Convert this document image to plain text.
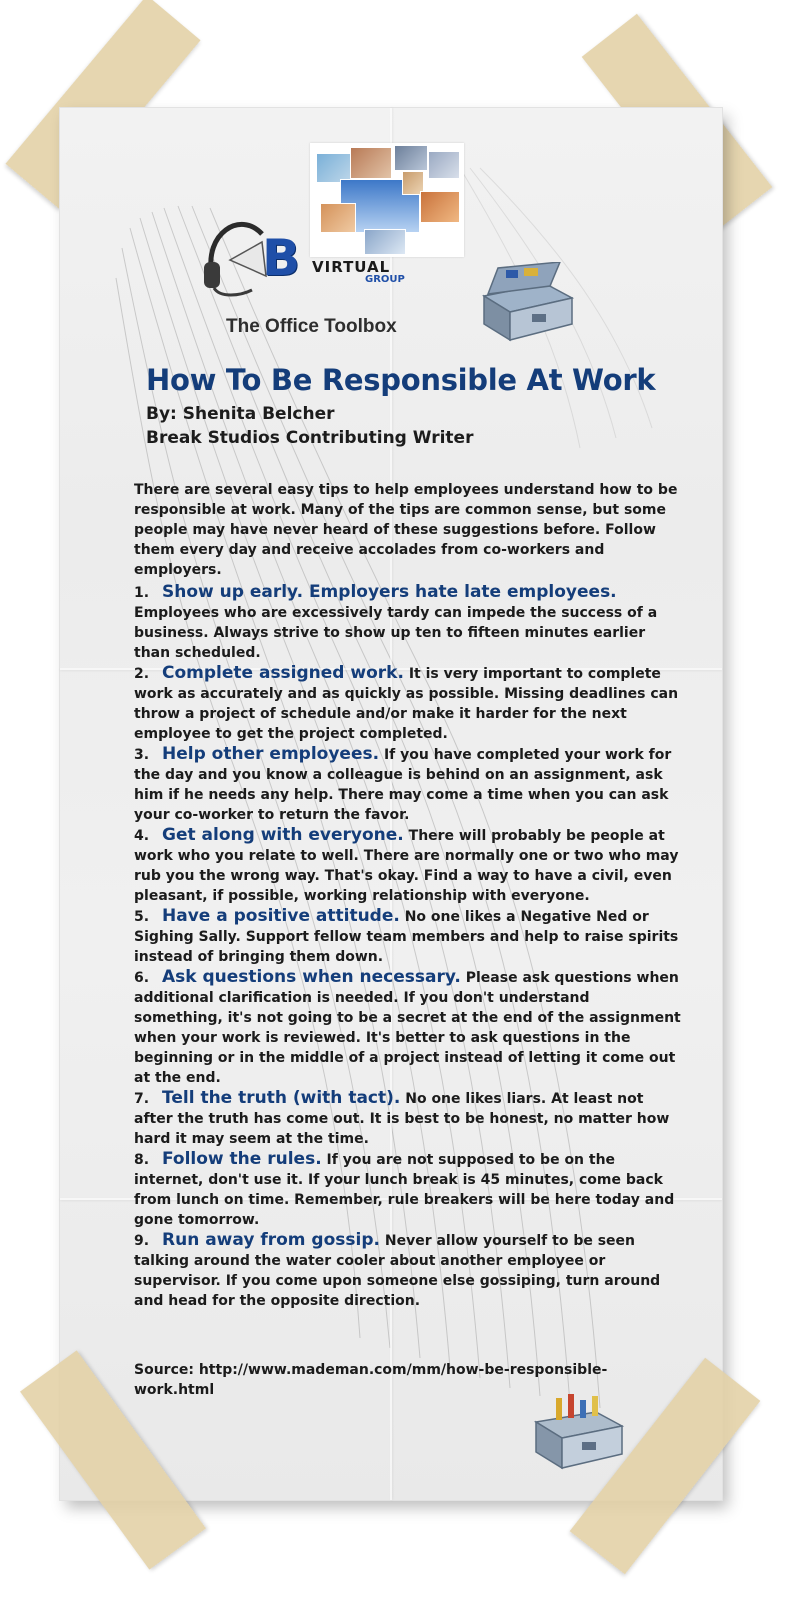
B VIRTUAL
GROUP
The Office Toolbox
How To Be Responsible At Work
By: Shenita Belcher
Break Studios Contributing Writer

There are several easy tips to help employees understand how to be responsible at work. Many of the tips are common sense, but some people may have never heard of these suggestions before. Follow them every day and receive accolades from co-workers and employers.

1. Show up early. Employers hate late employees. Employees who are excessively tardy can impede the success of a business. Always strive to show up ten to fifteen minutes earlier than scheduled.

2. Complete assigned work. It is very important to complete work as accurately and as quickly as possible. Missing deadlines can throw a project of schedule and/or make it harder for the next employee to get the project completed.

3. Help other employees. If you have completed your work for the day and you know a colleague is behind on an assignment, ask him if he needs any help. There may come a time when you can ask your co-worker to return the favor.

4. Get along with everyone. There will probably be people at work who you relate to well. There are normally one or two who may rub you the wrong way. That's okay. Find a way to have a civil, even pleasant, if possible, working relationship with everyone.

5. Have a positive attitude. No one likes a Negative Ned or Sighing Sally. Support fellow team members and help to raise spirits instead of bringing them down.

6. Ask questions when necessary. Please ask questions when additional clarification is needed. If you don't understand something, it's not going to be a secret at the end of the assignment when your work is reviewed. It's better to ask questions in the beginning or in the middle of a project instead of letting it come out at the end.

7. Tell the truth (with tact). No one likes liars. At least not after the truth has come out. It is best to be honest, no matter how hard it may seem at the time.

8. Follow the rules. If you are not supposed to be on the internet, don't use it. If your lunch break is 45 minutes, come back from lunch on time. Remember, rule breakers will be here today and gone tomorrow.

9. Run away from gossip. Never allow yourself to be seen talking around the water cooler about another employee or supervisor. If you come upon someone else gossiping, turn around and head for the opposite direction.

Source: http://www.mademan.com/mm/how-be-responsible-work.html
